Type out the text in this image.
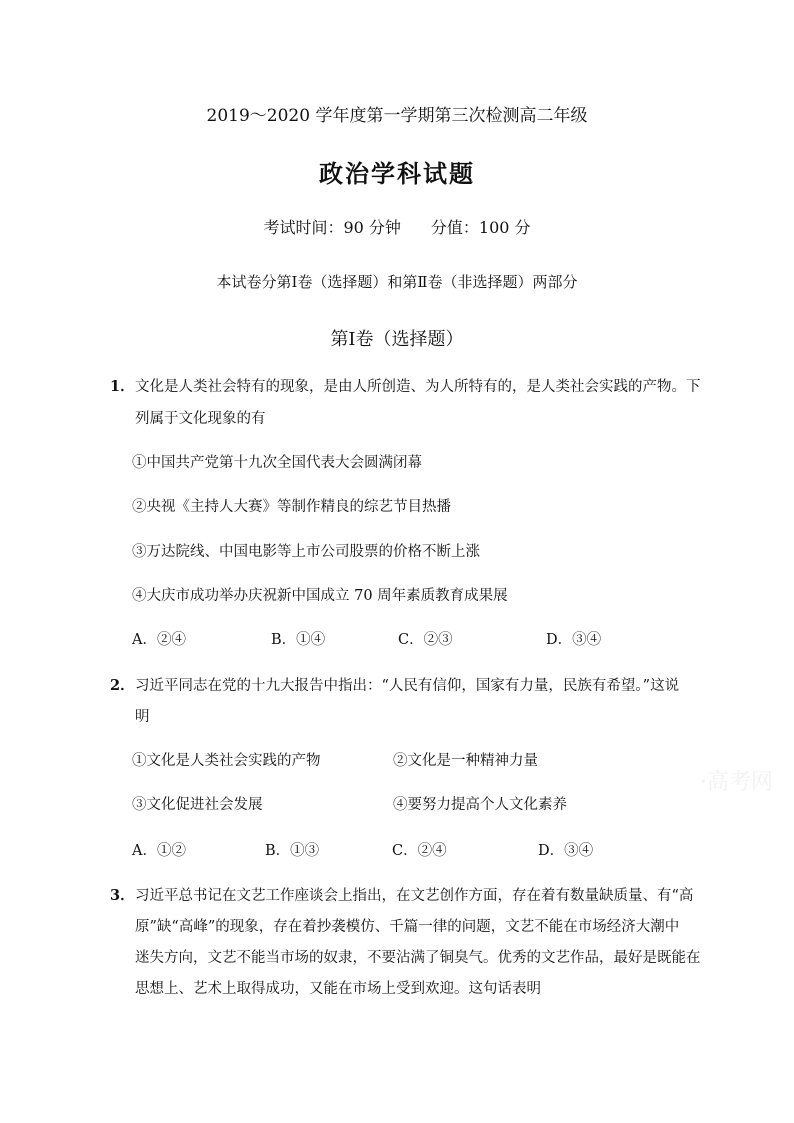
2019～2020 学年度第一学期第三次检测高二年级
政治学科试题
考试时间：90 分钟 分值：100 分
本试卷分第Ⅰ卷（选择题）和第Ⅱ卷（非选择题）两部分
第Ⅰ卷（选择题）
1． 文化是人类社会特有的现象，是由人所创造、为人所特有的，是人类社会实践的产物。下
列属于文化现象的有
①中国共产党第十九次全国代表大会圆满闭幕
②央视《主持人大赛》等制作精良的综艺节目热播
③万达院线、中国电影等上市公司股票的价格不断上涨
④大庆市成功举办庆祝新中国成立 70 周年素质教育成果展
A．②④	B．①④	C．②③	D．③④
2． 习近平同志在党的十九大报告中指出：“人民有信仰，国家有力量，民族有希望。”这说
明
①文化是人类社会实践的产物	②文化是一种精神力量
③文化促进社会发展	④要努力提高个人文化素养
A．①②	B．①③	C．②④	D．③④
3． 习近平总书记在文艺工作座谈会上指出，在文艺创作方面，存在着有数量缺质量、有“高
原”缺“高峰”的现象，存在着抄袭模仿、千篇一律的问题，文艺不能在市场经济大潮中
迷失方向，文艺不能当市场的奴隶，不要沾满了铜臭气。优秀的文艺作品，最好是既能在
思想上、艺术上取得成功，又能在市场上受到欢迎。这句话表明
·高考网
